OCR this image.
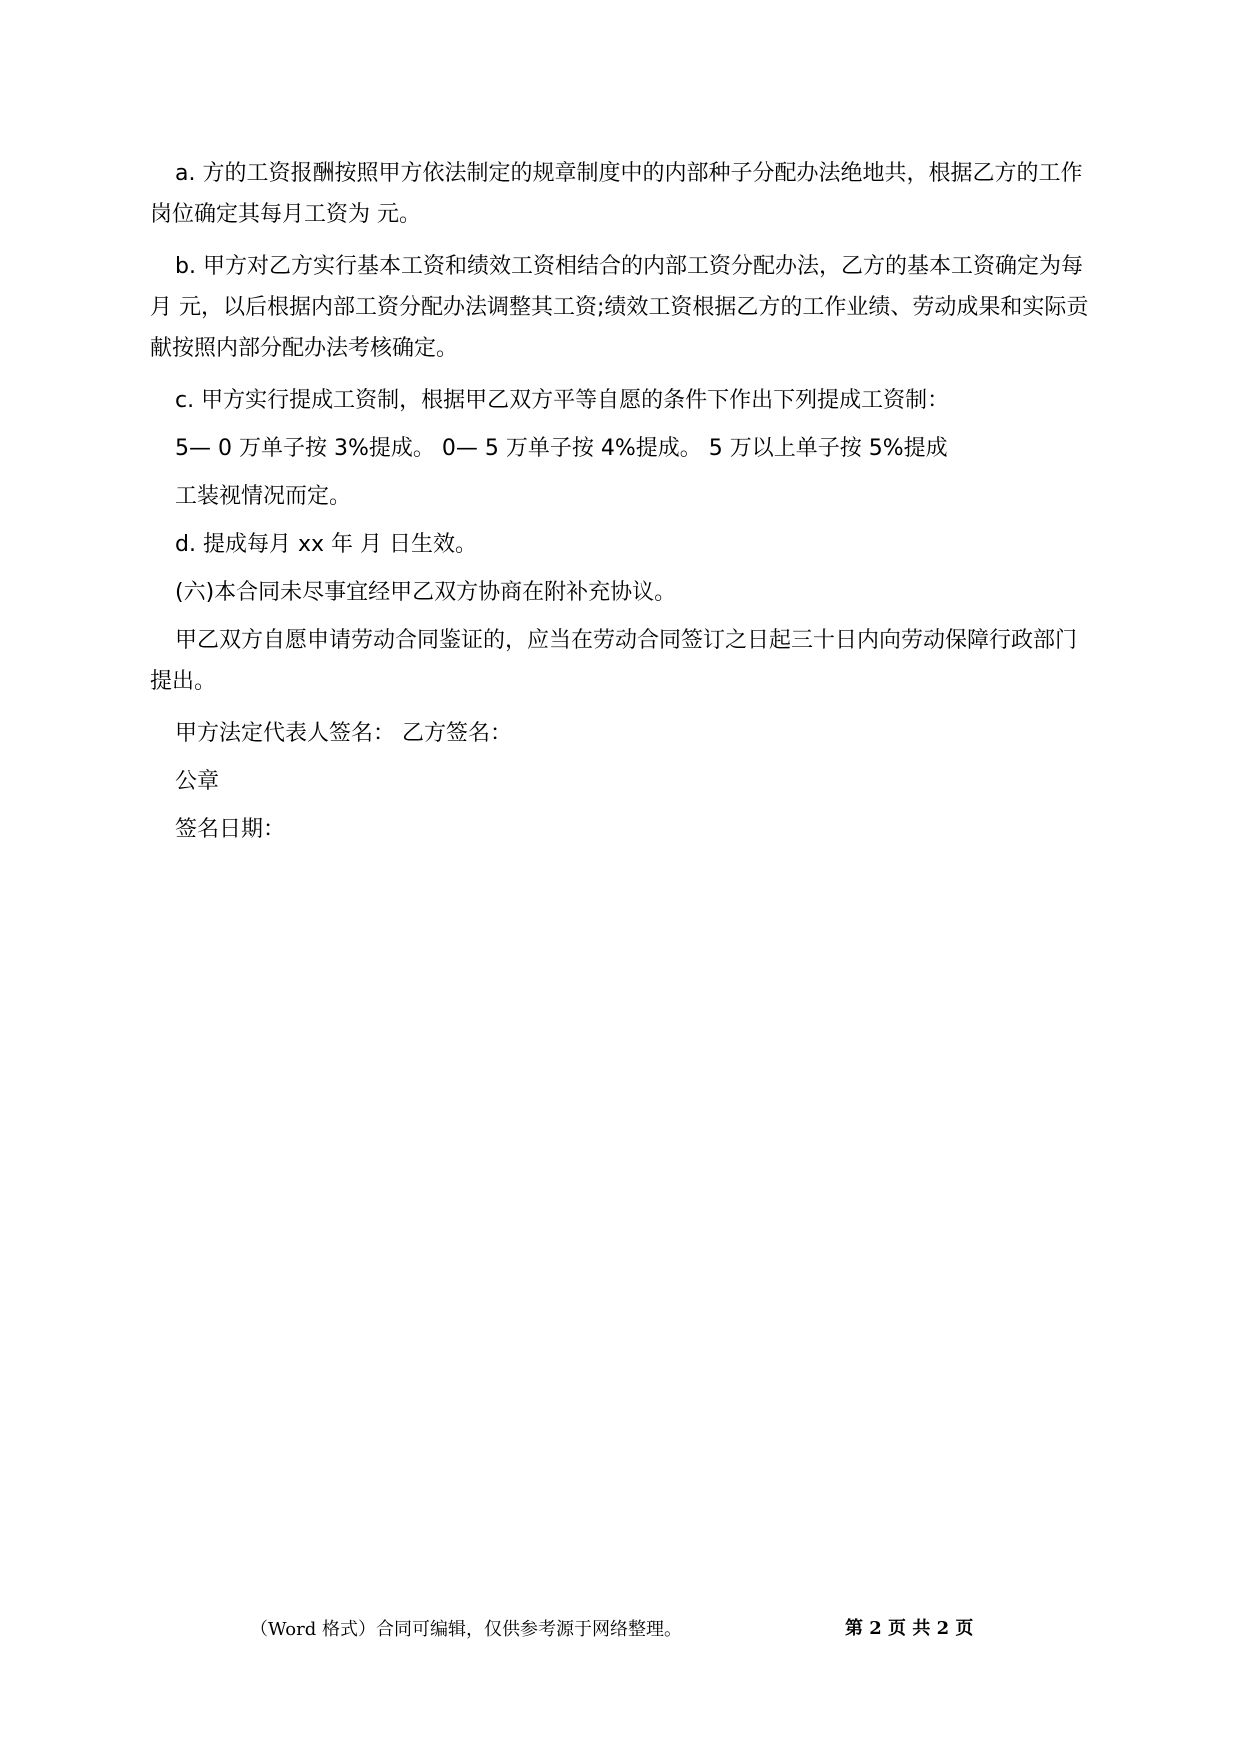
a. 方的工资报酬按照甲方依法制定的规章制度中的内部种子分配办法绝地共，根据乙方的工作岗位确定其每月工资为 元。

b. 甲方对乙方实行基本工资和绩效工资相结合的内部工资分配办法，乙方的基本工资确定为每月 元，以后根据内部工资分配办法调整其工资;绩效工资根据乙方的工作业绩、劳动成果和实际贡献按照内部分配办法考核确定。

c. 甲方实行提成工资制，根据甲乙双方平等自愿的条件下作出下列提成工资制：

5— 0 万单子按 3%提成。 0— 5 万单子按 4%提成。 5 万以上单子按 5%提成

工装视情况而定。

d. 提成每月 xx 年 月 日生效。

(六)本合同未尽事宜经甲乙双方协商在附补充协议。

甲乙双方自愿申请劳动合同鉴证的，应当在劳动合同签订之日起三十日内向劳动保障行政部门提出。

甲方法定代表人签名： 乙方签名：

公章

签名日期：

（Word 格式）合同可编辑，仅供参考源于网络整理。	第 2 页 共 2 页
